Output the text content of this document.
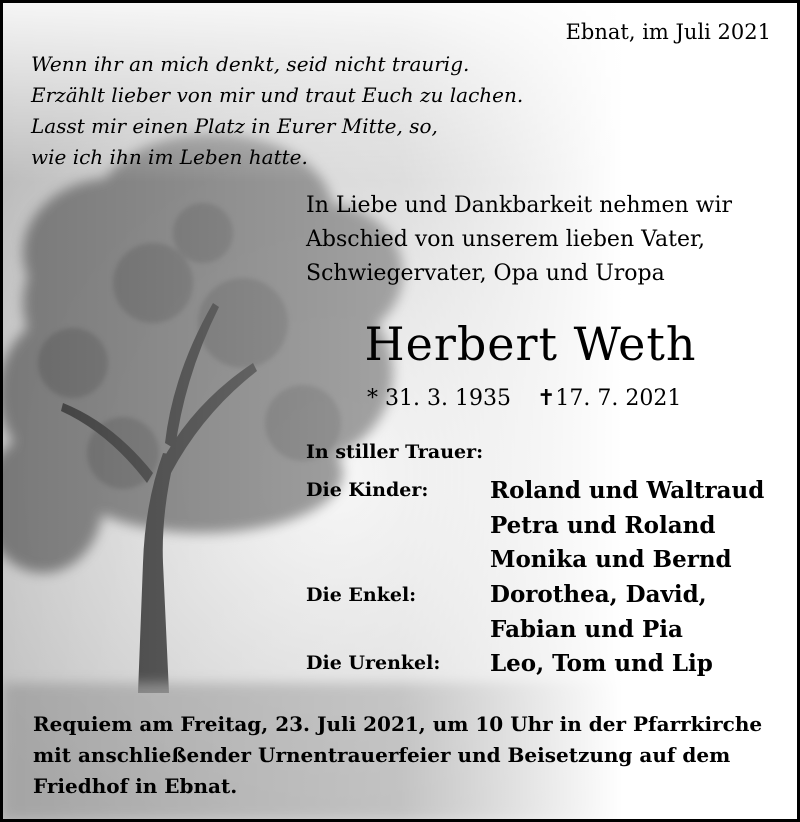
Ebnat, im Juli 2021
Wenn ihr an mich denkt, seid nicht traurig.
Erzählt lieber von mir und traut Euch zu lachen.
Lasst mir einen Platz in Eurer Mitte, so,
wie ich ihn im Leben hatte.
In Liebe und Dankbarkeit nehmen wir
Abschied von unserem lieben Vater,
Schwiegervater, Opa und Uropa
Herbert Weth
* 31. 3. 1935 ✝17. 7. 2021
In stiller Trauer:
Die Kinder:	Roland und Waltraud
Petra und Roland
Monika und Bernd
Die Enkel:	Dorothea, David,
Fabian und Pia
Die Urenkel: Leo, Tom und Lip
Requiem am Freitag, 23. Juli 2021, um 10 Uhr in der Pfarrkirche
mit anschließender Urnentrauerfeier und Beisetzung auf dem
Friedhof in Ebnat.
